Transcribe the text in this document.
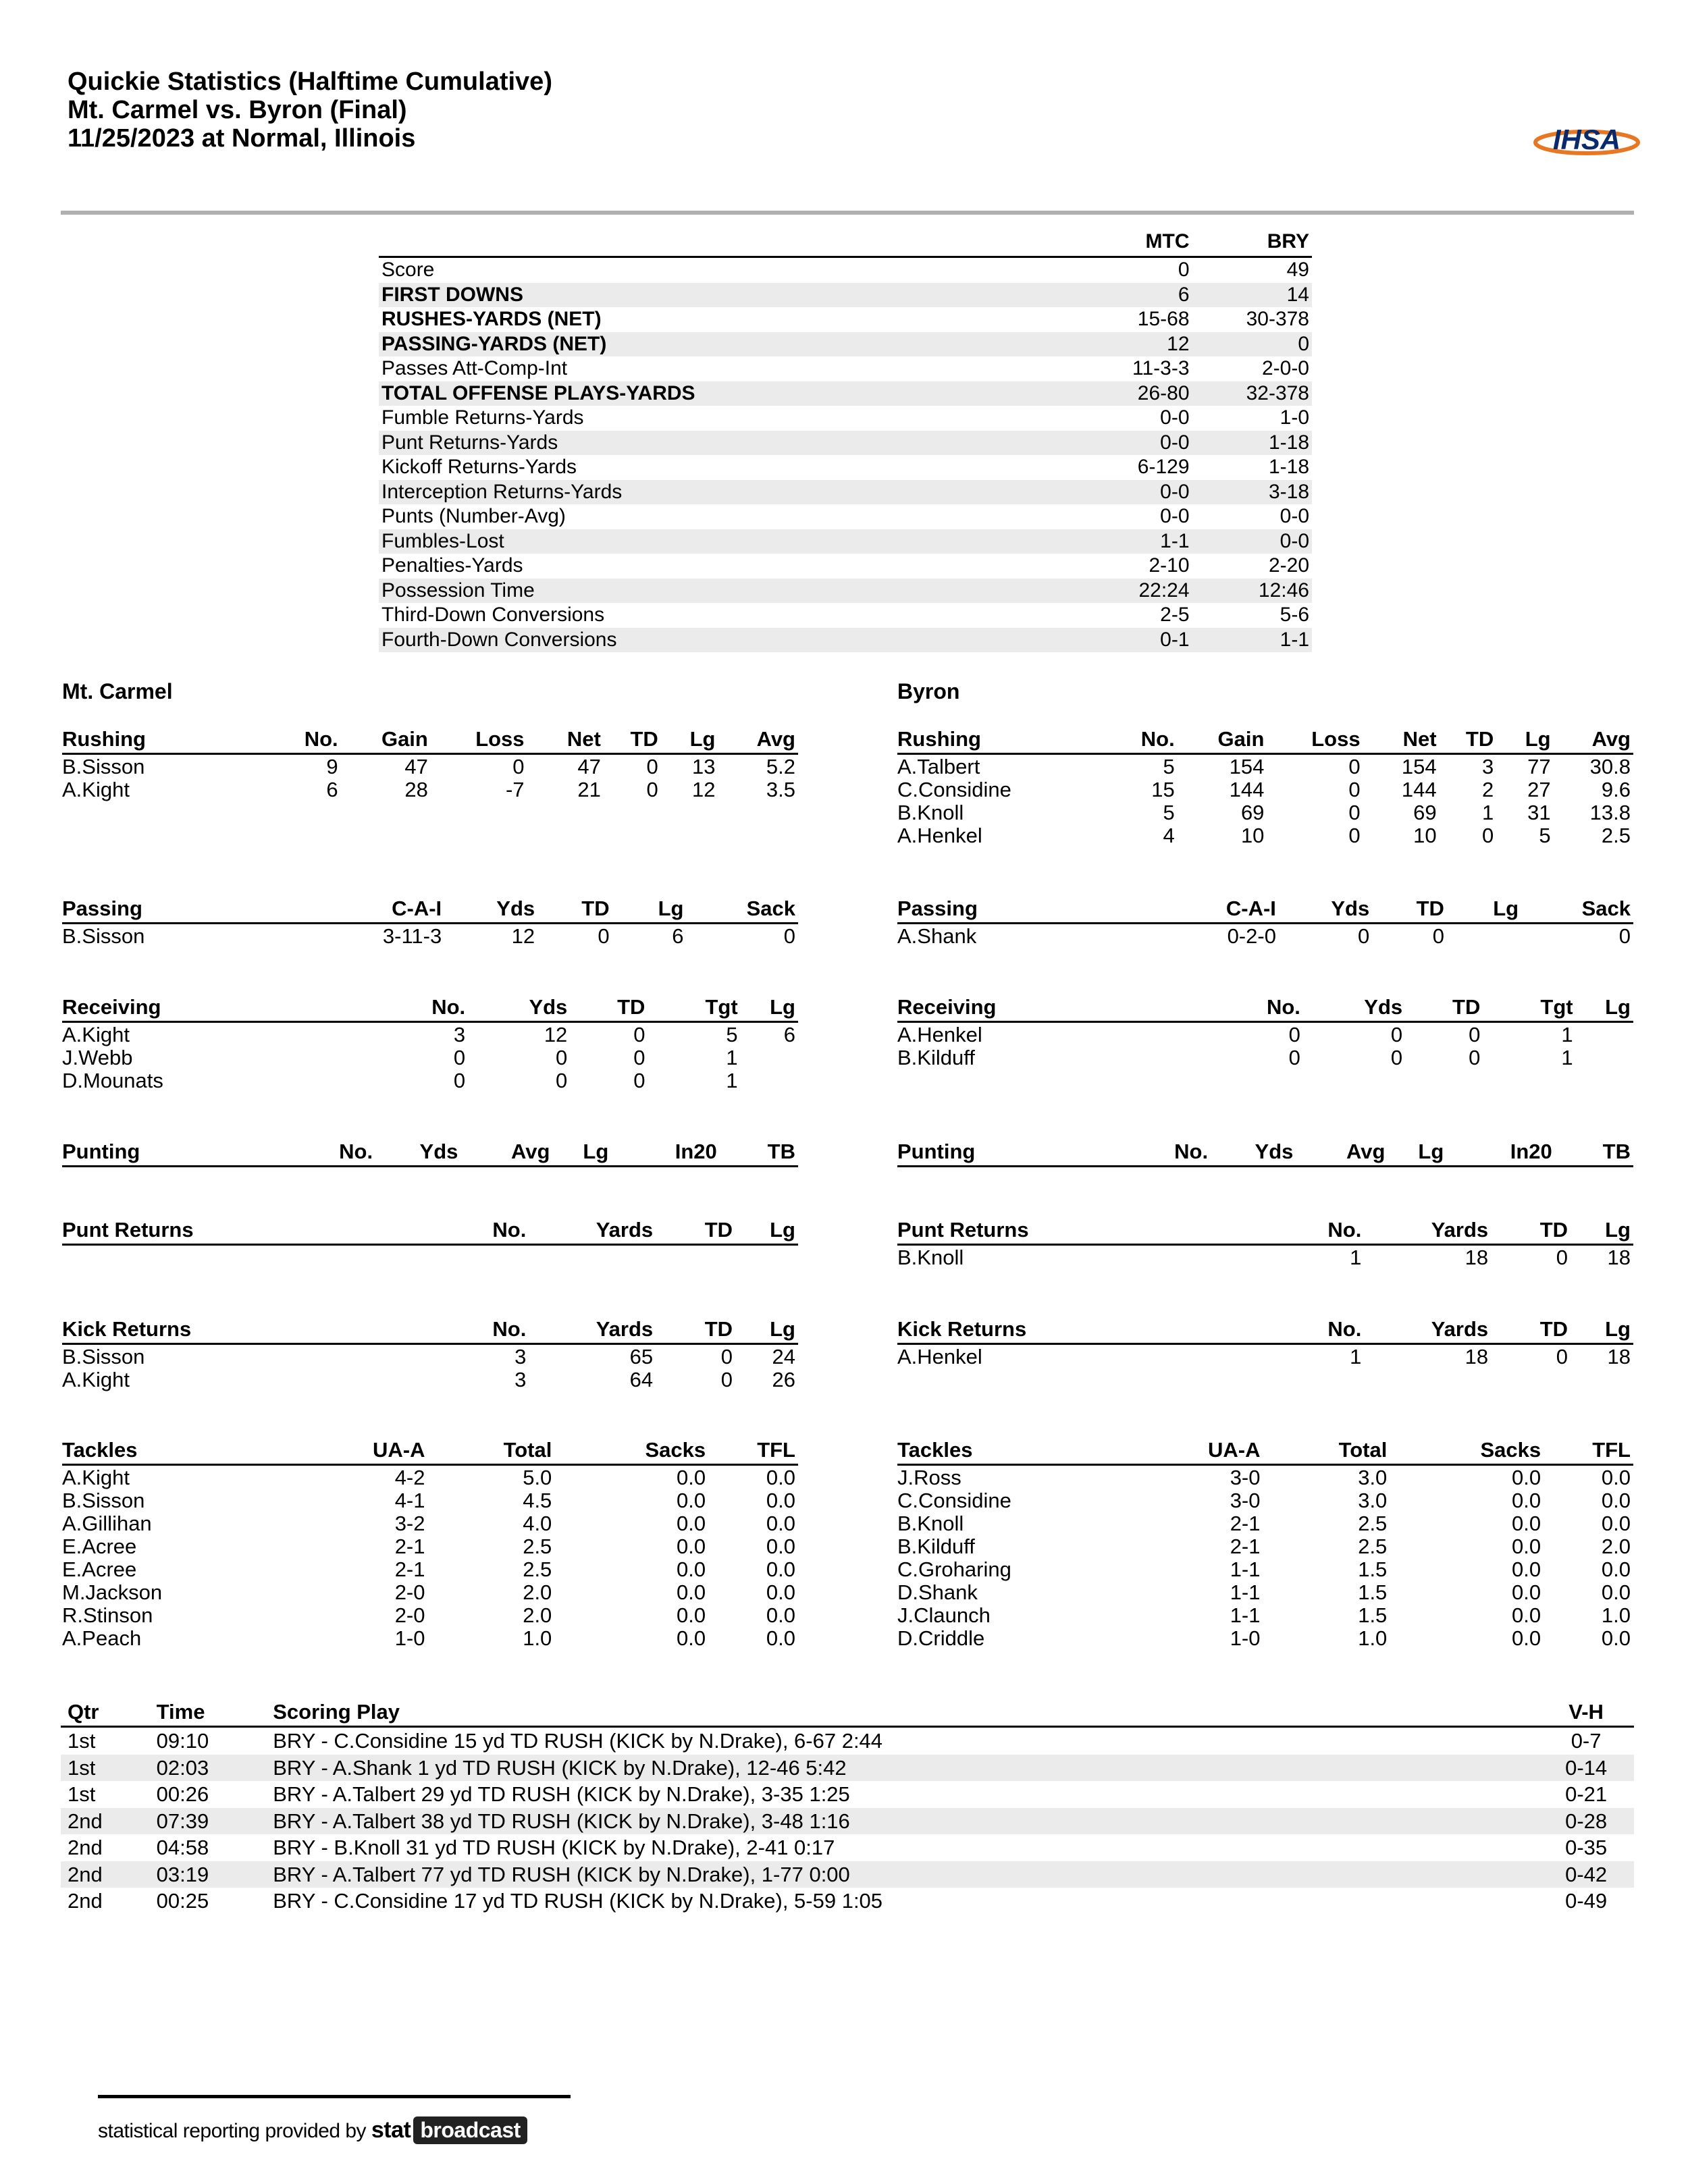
Quickie Statistics (Halftime Cumulative)
Mt. Carmel vs. Byron (Final)
11/25/2023 at Normal, Illinois	IHSA
	MTC	BRY
Score	0	49
FIRST DOWNS	6	14
RUSHES-YARDS (NET)	15-68	30-378
PASSING-YARDS (NET)	12	0
Passes Att-Comp-Int	11-3-3	2-0-0
TOTAL OFFENSE PLAYS-YARDS	26-80	32-378
Fumble Returns-Yards	0-0	1-0
Punt Returns-Yards	0-0	1-18
Kickoff Returns-Yards	6-129	1-18
Interception Returns-Yards	0-0	3-18
Punts (Number-Avg)	0-0	0-0
Fumbles-Lost	1-1	0-0
Penalties-Yards	2-10	2-20
Possession Time	22:24	12:46
Third-Down Conversions	2-5	5-6
Fourth-Down Conversions	0-1	1-1
Mt. Carmel	Byron
Rushing	No.	Gain	Loss	Net	TD	Lg	Avg
B.Sisson	9	47	0	47	0	13	5.2
A.Kight	6	28	-7	21	0	12	3.5
Passing	C-A-I	Yds	TD	Lg	Sack
B.Sisson	3-11-3	12	0	6	0
Receiving	No.	Yds	TD	Tgt	Lg
A.Kight	3	12	0	5	6
J.Webb	0	0	0	1	
D.Mounats	0	0	0	1	
Punting	No.	Yds	Avg	Lg	In20	TB
Punt Returns	No.	Yards	TD	Lg
Kick Returns	No.	Yards	TD	Lg
B.Sisson	3	65	0	24
A.Kight	3	64	0	26
Tackles	UA-A	Total	Sacks	TFL
A.Kight	4-2	5.0	0.0	0.0
B.Sisson	4-1	4.5	0.0	0.0
A.Gillihan	3-2	4.0	0.0	0.0
E.Acree	2-1	2.5	0.0	0.0
E.Acree	2-1	2.5	0.0	0.0
M.Jackson	2-0	2.0	0.0	0.0
R.Stinson	2-0	2.0	0.0	0.0
A.Peach	1-0	1.0	0.0	0.0
Rushing	No.	Gain	Loss	Net	TD	Lg	Avg
A.Talbert	5	154	0	154	3	77	30.8
C.Considine	15	144	0	144	2	27	9.6
B.Knoll	5	69	0	69	1	31	13.8
A.Henkel	4	10	0	10	0	5	2.5
Passing	C-A-I	Yds	TD	Lg	Sack
A.Shank	0-2-0	0	0		0
Receiving	No.	Yds	TD	Tgt	Lg
A.Henkel	0	0	0	1	
B.Kilduff	0	0	0	1	
Punting	No.	Yds	Avg	Lg	In20	TB
Punt Returns	No.	Yards	TD	Lg
B.Knoll	1	18	0	18
Kick Returns	No.	Yards	TD	Lg
A.Henkel	1	18	0	18
Tackles	UA-A	Total	Sacks	TFL
J.Ross	3-0	3.0	0.0	0.0
C.Considine	3-0	3.0	0.0	0.0
B.Knoll	2-1	2.5	0.0	0.0
B.Kilduff	2-1	2.5	0.0	2.0
C.Groharing	1-1	1.5	0.0	0.0
D.Shank	1-1	1.5	0.0	0.0
J.Claunch	1-1	1.5	0.0	1.0
D.Criddle	1-0	1.0	0.0	0.0
Qtr	Time	Scoring Play	V-H
1st	09:10	BRY - C.Considine 15 yd TD RUSH (KICK by N.Drake), 6-67 2:44	0-7
1st	02:03	BRY - A.Shank 1 yd TD RUSH (KICK by N.Drake), 12-46 5:42	0-14
1st	00:26	BRY - A.Talbert 29 yd TD RUSH (KICK by N.Drake), 3-35 1:25	0-21
2nd	07:39	BRY - A.Talbert 38 yd TD RUSH (KICK by N.Drake), 3-48 1:16	0-28
2nd	04:58	BRY - B.Knoll 31 yd TD RUSH (KICK by N.Drake), 2-41 0:17	0-35
2nd	03:19	BRY - A.Talbert 77 yd TD RUSH (KICK by N.Drake), 1-77 0:00	0-42
2nd	00:25	BRY - C.Considine 17 yd TD RUSH (KICK by N.Drake), 5-59 1:05	0-49
statistical reporting provided by stat broadcast
